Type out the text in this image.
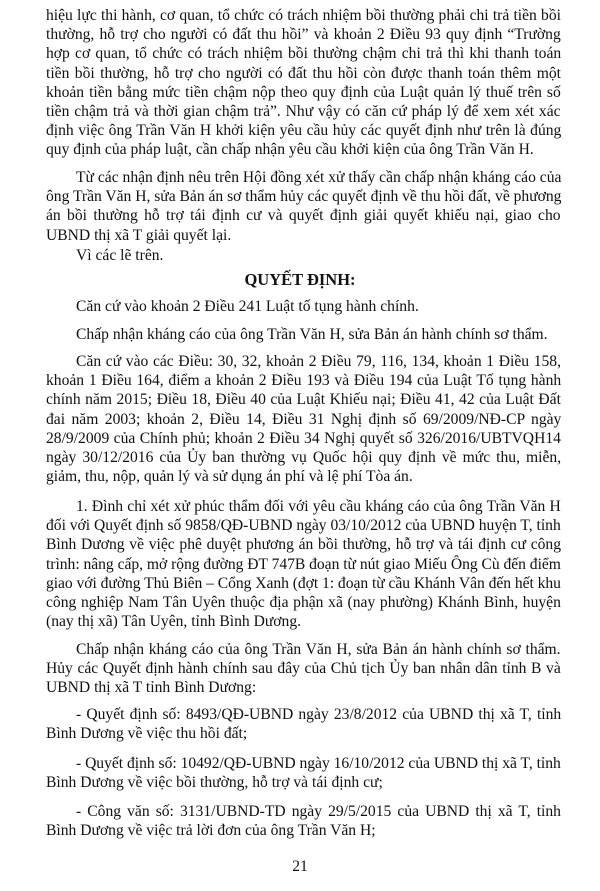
hiệu lực thi hành, cơ quan, tổ chức có trách nhiệm bồi thường phải chi trả tiền bồi
thường, hỗ trợ cho người có đất thu hồi” và khoản 2 Điều 93 quy định “Trường
hợp cơ quan, tổ chức có trách nhiệm bồi thường chậm chi trả thì khi thanh toán
tiền bồi thường, hỗ trợ cho người có đất thu hồi còn được thanh toán thêm một
khoản tiền bằng mức tiền chậm nộp theo quy định của Luật quản lý thuế trên số
tiền chậm trả và thời gian chậm trả”. Như vậy có căn cứ pháp lý để xem xét xác
định việc ông Trần Văn H khởi kiện yêu cầu hủy các quyết định như trên là đúng
quy định của pháp luật, cần chấp nhận yêu cầu khởi kiện của ông Trần Văn H.
Từ các nhận định nêu trên Hội đồng xét xử thấy cần chấp nhận kháng cáo của
ông Trần Văn H, sửa Bản án sơ thẩm hủy các quyết định về thu hồi đất, về phương
án bồi thường hỗ trợ tái định cư và quyết định giải quyết khiếu nại, giao cho
UBND thị xã T giải quyết lại.
Vì các lẽ trên.
QUYẾT ĐỊNH:
Căn cứ vào khoản 2 Điều 241 Luật tố tụng hành chính.
Chấp nhận kháng cáo của ông Trần Văn H, sửa Bản án hành chính sơ thẩm.
Căn cứ vào các Điều: 30, 32, khoản 2 Điều 79, 116, 134, khoản 1 Điều 158,
khoản 1 Điều 164, điểm a khoản 2 Điều 193 và Điều 194 của Luật Tố tụng hành
chính năm 2015; Điều 18, Điều 40 của Luật Khiếu nại; Điều 41, 42 của Luật Đất
đai năm 2003; khoản 2, Điều 14, Điều 31 Nghị định số 69/2009/NĐ-CP ngày
28/9/2009 của Chính phủ; khoản 2 Điều 34 Nghị quyết số 326/2016/UBTVQH14
ngày 30/12/2016 của Ủy ban thường vụ Quốc hội quy định về mức thu, miễn,
giảm, thu, nộp, quản lý và sử dụng án phí và lệ phí Tòa án.
1. Đình chỉ xét xử phúc thẩm đối với yêu cầu kháng cáo của ông Trần Văn H
đối với Quyết định số 9858/QĐ-UBND ngày 03/10/2012 của UBND huyện T, tỉnh
Bình Dương về việc phê duyệt phương án bồi thường, hỗ trợ và tái định cư công
trình: nâng cấp, mở rộng đường ĐT 747B đoạn từ nút giao Miếu Ông Cù đến điểm
giao với đường Thủ Biên – Cổng Xanh (đợt 1: đoạn từ cầu Khánh Vân đến hết khu
công nghiệp Nam Tân Uyên thuộc địa phận xã (nay phường) Khánh Bình, huyện
(nay thị xã) Tân Uyên, tỉnh Bình Dương.
Chấp nhận kháng cáo của ông Trần Văn H, sửa Bản án hành chính sơ thẩm.
Hủy các Quyết định hành chính sau đây của Chủ tịch Ủy ban nhân dân tỉnh B và
UBND thị xã T tỉnh Bình Dương:
- Quyết định số: 8493/QĐ-UBND ngày 23/8/2012 của UBND thị xã T, tỉnh
Bình Dương về việc thu hồi đất;
- Quyết định số: 10492/QĐ-UBND ngày 16/10/2012 của UBND thị xã T, tỉnh
Bình Dương về việc bồi thường, hỗ trợ và tái định cư;
- Công văn số: 3131/UBND-TD ngày 29/5/2015 của UBND thị xã T, tỉnh
Bình Dương về việc trả lời đơn của ông Trần Văn H;
21
